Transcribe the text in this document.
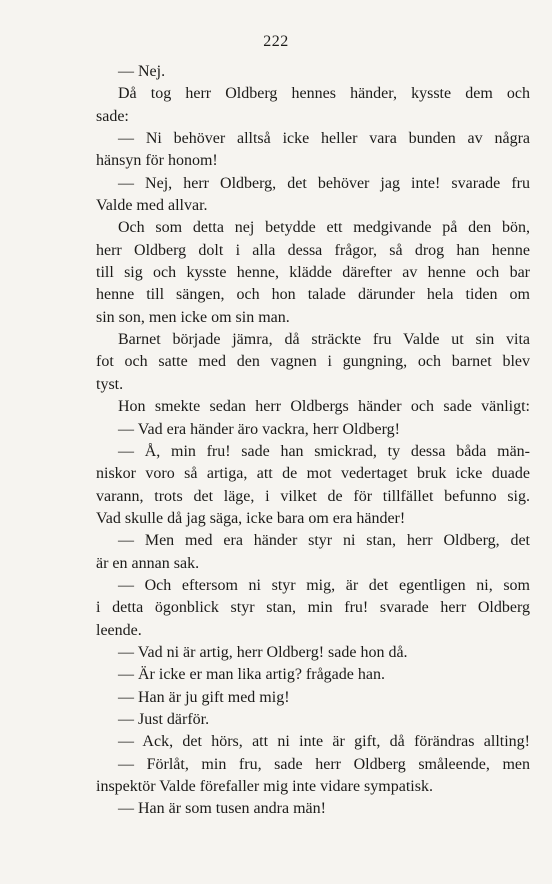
222
— Nej.
Då tog herr Oldberg hennes händer, kysste dem och
sade:
— Ni behöver alltså icke heller vara bunden av några
hänsyn för honom!
— Nej, herr Oldberg, det behöver jag inte! svarade fru
Valde med allvar.
Och som detta nej betydde ett medgivande på den bön,
herr Oldberg dolt i alla dessa frågor, så drog han henne
till sig och kysste henne, klädde därefter av henne och bar
henne till sängen, och hon talade därunder hela tiden om
sin son, men icke om sin man.
Barnet började jämra, då sträckte fru Valde ut sin vita
fot och satte med den vagnen i gungning, och barnet blev
tyst.
Hon smekte sedan herr Oldbergs händer och sade vänligt:
— Vad era händer äro vackra, herr Oldberg!
— Å, min fru! sade han smickrad, ty dessa båda män-
niskor voro så artiga, att de mot vedertaget bruk icke duade
varann, trots det läge, i vilket de för tillfället befunno sig.
Vad skulle då jag säga, icke bara om era händer!
— Men med era händer styr ni stan, herr Oldberg, det
är en annan sak.
— Och eftersom ni styr mig, är det egentligen ni, som
i detta ögonblick styr stan, min fru! svarade herr Oldberg
leende.
— Vad ni är artig, herr Oldberg! sade hon då.
— Är icke er man lika artig? frågade han.
— Han är ju gift med mig!
— Just därför.
— Ack, det hörs, att ni inte är gift, då förändras allting!
— Förlåt, min fru, sade herr Oldberg småleende, men
inspektör Valde förefaller mig inte vidare sympatisk.
— Han är som tusen andra män!
